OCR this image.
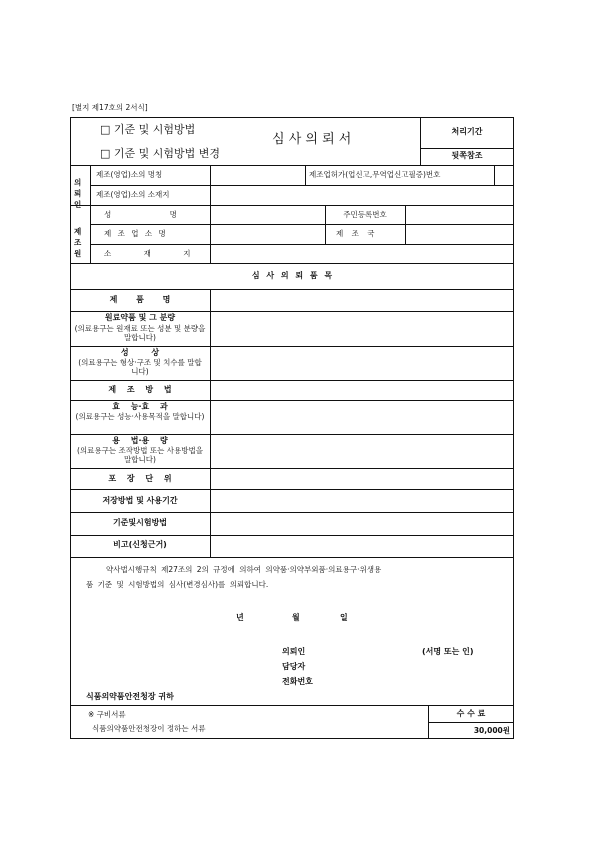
[별지 제17호의 2서식]
□ 기준 및 시험방법
□ 기준 및 시험방법 변경
심 사 의 뢰 서
처리기간
뒷쪽참조
의뢰인
제조(영업)소의 명칭	제조업허가(업신고,무역업신고필증)번호
제조(영업)소의 소재지
제조원
성 명	주민등록번호
제 조 업 소 명	제 조 국
소 재 지
심 사 의 뢰 품 목
제 품 명
원료약품 및 그 분량
(의료용구는 원재료 또는 성분 및 분량을 말합니다)
성 상
(의료용구는 형상·구조 및 치수를 말합니다)
제 조 방 법
효 능·효 과
(의료용구는 성능·사용목적을 말합니다)
용 법·용 량
(의료용구는 조작방법 또는 사용방법을 말합니다)
포 장 단 위
저장방법 및 사용기간
기준및시험방법
비고(신청근거)
약사법시행규칙 제27조의 2의 규정에 의하여 의약품·의약부외품·의료용구·위생용
품 기준 및 시험방법의 심사(변경심사)를 의뢰합니다.
년	월	일
의뢰인	(서명 또는 인)
담당자
전화번호
식품의약품안전청장 귀하
※ 구비서류
식품의약품안전청장이 정하는 서류
수 수 료
30,000원
